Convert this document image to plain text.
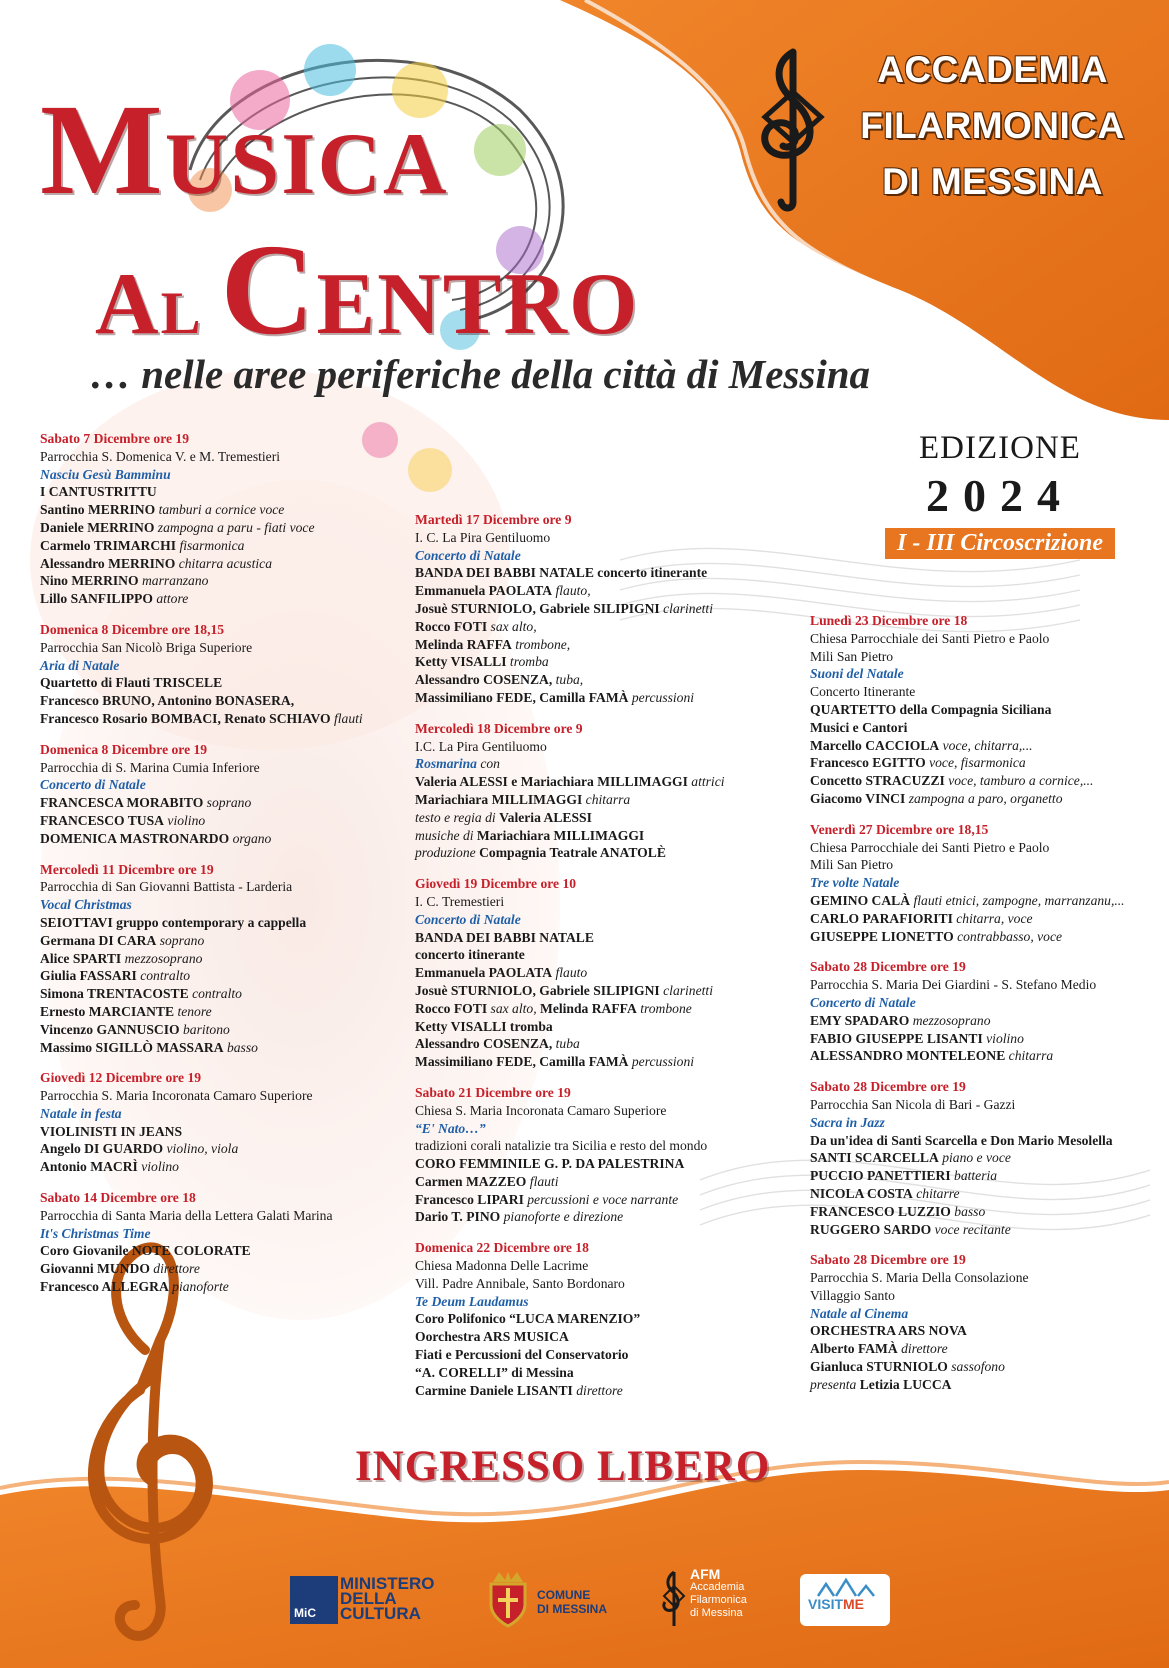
ACCADEMIA
FILARMONICA
DI MESSINA
MUSICA
AL CENTRO
… nelle aree periferiche della città di Messina
EDIZIONE
2024
I - III Circoscrizione
Sabato 7 Dicembre ore 19
Parrocchia S. Domenica V. e M. Tremestieri
Nasciu Gesù Bamminu
I CANTUSTRITTU
Santino MERRINO tamburi a cornice voce
Daniele MERRINO zampogna a paru - fiati voce
Carmelo TRIMARCHI fisarmonica
Alessandro MERRINO chitarra acustica
Nino MERRINO marranzano
Lillo SANFILIPPO attore
Domenica 8 Dicembre ore 18,15
Parrocchia San Nicolò Briga Superiore
Aria di Natale
Quartetto di Flauti TRISCELE
Francesco BRUNO, Antonino BONASERA,
Francesco Rosario BOMBACI, Renato SCHIAVO flauti
Domenica 8 Dicembre ore 19
Parrocchia di S. Marina Cumia Inferiore
Concerto di Natale
FRANCESCA MORABITO soprano
FRANCESCO TUSA violino
DOMENICA MASTRONARDO organo
Mercoledì 11 Dicembre ore 19
Parrocchia di San Giovanni Battista - Larderia
Vocal Christmas
SEIOTTAVI gruppo contemporary a cappella
Germana DI CARA soprano
Alice SPARTI mezzosoprano
Giulia FASSARI contralto
Simona TRENTACOSTE contralto
Ernesto MARCIANTE tenore
Vincenzo GANNUSCIO baritono
Massimo SIGILLÒ MASSARA basso
Giovedì 12 Dicembre ore 19
Parrocchia S. Maria Incoronata Camaro Superiore
Natale in festa
VIOLINISTI IN JEANS
Angelo DI GUARDO violino, viola
Antonio MACRÌ violino
Sabato 14 Dicembre ore 18
Parrocchia di Santa Maria della Lettera Galati Marina
It's Christmas Time
Coro Giovanile NOTE COLORATE
Giovanni MUNDO direttore
Francesco ALLEGRA pianoforte
Martedì 17 Dicembre ore 9
I. C. La Pira Gentiluomo
Concerto di Natale
BANDA DEI BABBI NATALE concerto itinerante
Emmanuela PAOLATA flauto,
Josuè STURNIOLO, Gabriele SILIPIGNI clarinetti
Rocco FOTI sax alto,
Melinda RAFFA trombone,
Ketty VISALLI tromba
Alessandro COSENZA, tuba,
Massimiliano FEDE, Camilla FAMÀ percussioni
Mercoledì 18 Dicembre ore 9
I.C. La Pira Gentiluomo
Rosmarina con
Valeria ALESSI e Mariachiara MILLIMAGGI attrici
Mariachiara MILLIMAGGI chitarra
testo e regia di Valeria ALESSI
musiche di Mariachiara MILLIMAGGI
produzione Compagnia Teatrale ANATOLÈ
Giovedì 19 Dicembre ore 10
I. C. Tremestieri
Concerto di Natale
BANDA DEI BABBI NATALE
concerto itinerante
Emmanuela PAOLATA flauto
Josuè STURNIOLO, Gabriele SILIPIGNI clarinetti
Rocco FOTI sax alto, Melinda RAFFA trombone
Ketty VISALLI tromba
Alessandro COSENZA, tuba
Massimiliano FEDE, Camilla FAMÀ percussioni
Sabato 21 Dicembre ore 19
Chiesa S. Maria Incoronata Camaro Superiore
“E' Nato…”
tradizioni corali natalizie tra Sicilia e resto del mondo
CORO FEMMINILE G. P. DA PALESTRINA
Carmen MAZZEO flauti
Francesco LIPARI percussioni e voce narrante
Dario T. PINO pianoforte e direzione
Domenica 22 Dicembre ore 18
Chiesa Madonna Delle Lacrime
Vill. Padre Annibale, Santo Bordonaro
Te Deum Laudamus
Coro Polifonico “LUCA MARENZIO”
Oorchestra ARS MUSICA
Fiati e Percussioni del Conservatorio
“A. CORELLI” di Messina
Carmine Daniele LISANTI direttore
Lunedì 23 Dicembre ore 18
Chiesa Parrocchiale dei Santi Pietro e Paolo
Mili San Pietro
Suoni del Natale
Concerto Itinerante
QUARTETTO della Compagnia Siciliana
Musici e Cantori
Marcello CACCIOLA voce, chitarra,...
Francesco EGITTO voce, fisarmonica
Concetto STRACUZZI voce, tamburo a cornice,...
Giacomo VINCI zampogna a paro, organetto
Venerdì 27 Dicembre ore 18,15
Chiesa Parrocchiale dei Santi Pietro e Paolo
Mili San Pietro
Tre volte Natale
GEMINO CALÀ flauti etnici, zampogne, marranzanu,...
CARLO PARAFIORITI chitarra, voce
GIUSEPPE LIONETTO contrabbasso, voce
Sabato 28 Dicembre ore 19
Parrocchia S. Maria Dei Giardini - S. Stefano Medio
Concerto di Natale
EMY SPADARO mezzosoprano
FABIO GIUSEPPE LISANTI violino
ALESSANDRO MONTELEONE chitarra
Sabato 28 Dicembre ore 19
Parrocchia San Nicola di Bari - Gazzi
Sacra in Jazz
Da un'idea di Santi Scarcella e Don Mario Mesolella
SANTI SCARCELLA piano e voce
PUCCIO PANETTIERI batteria
NICOLA COSTA chitarre
FRANCESCO LUZZIO basso
RUGGERO SARDO voce recitante
Sabato 28 Dicembre ore 19
Parrocchia S. Maria Della Consolazione
Villaggio Santo
Natale al Cinema
ORCHESTRA ARS NOVA
Alberto FAMÀ direttore
Gianluca STURNIOLO sassofono
presenta Letizia LUCCA
INGRESSO LIBERO
MiC
MINISTERO
DELLA
CULTURA
COMUNE
DI MESSINA
AFM
Accademia
Filarmonica
di Messina
VISITME
